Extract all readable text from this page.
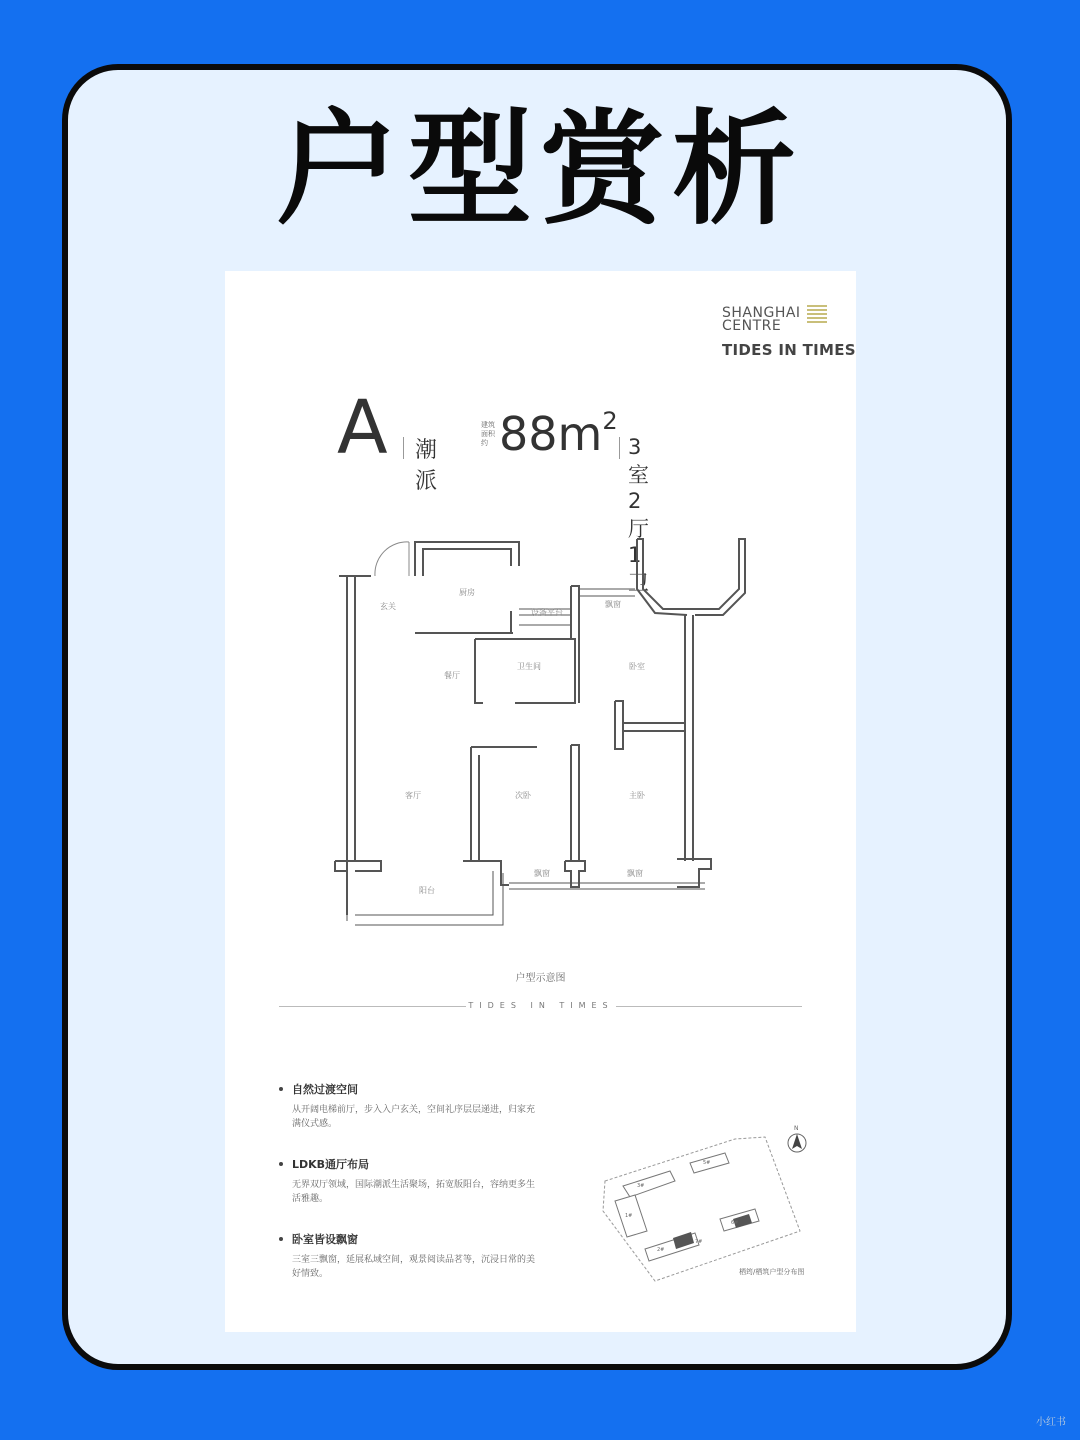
户型赏析
SHANGHAI
CENTRE
TIDES IN TIMES
A 潮派
建筑面积约 $88m^2$
3室2厅1卫
玄关
厨房
设备平台
飘窗
餐厅
卫生间	卧室
客厅	次卧	主卧
阳台
飘窗	飘窗
户型示意图
TIDES IN TIMES
自然过渡空间
从开阔电梯前厅，步入入户玄关，空间礼序层层递进，归家充满仪式感。
LDKB通厅布局
无界双厅领域，国际潮派生活聚场，拓宽版阳台，容纳更多生活雅趣。
卧室皆设飘窗
三室三飘窗，延展私域空间，观景阅读品茗等，沉浸日常的美好情致。
N
3#
5#
1#
6#
2#
7#
栖筠/栖筑户型分布图
小红书
